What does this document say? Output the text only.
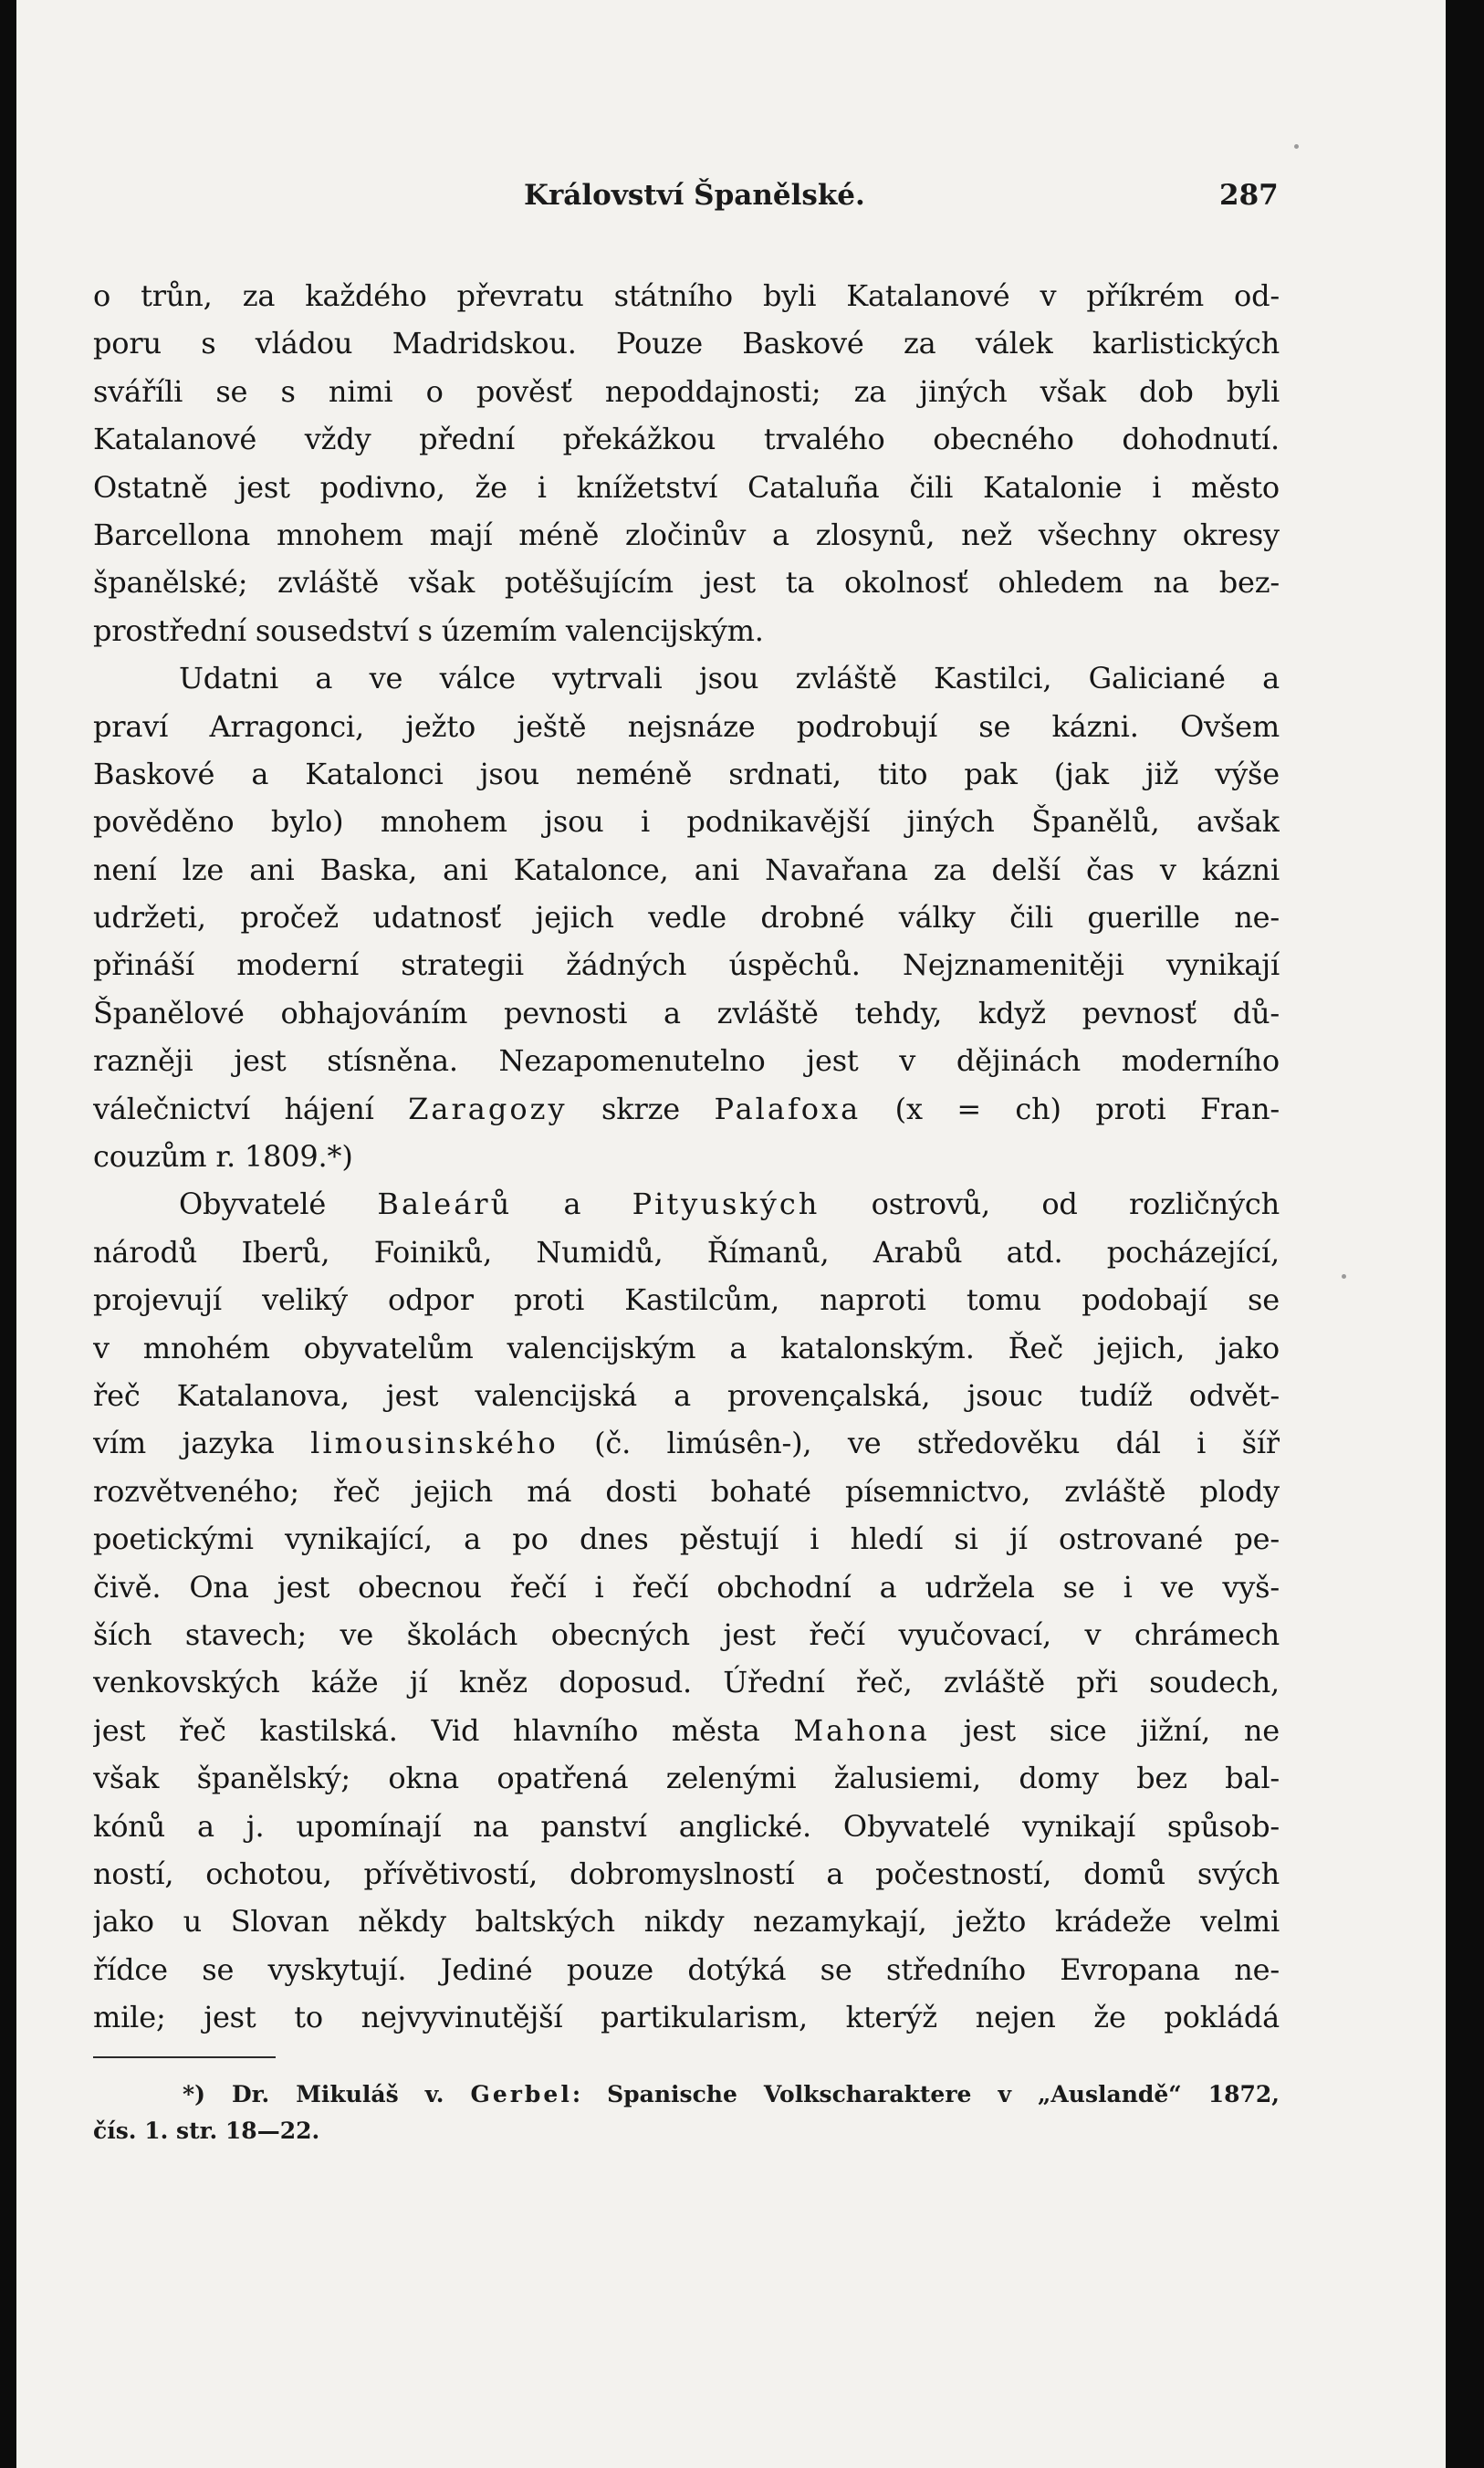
Království Španělské.	287
o trůn, za každého převratu státního byli Katalanové v příkrém od-
poru s vládou Madridskou. Pouze Baskové za válek karlistických
sváříli se s nimi o pověsť nepoddajnosti; za jiných však dob byli
Katalanové vždy přední překážkou trvalého obecného dohodnutí.
Ostatně jest podivno, že i knížetství Cataluña čili Katalonie i město
Barcellona mnohem mají méně zločinův a zlosynů, než všechny okresy
španělské; zvláště však potěšujícím jest ta okolnosť ohledem na bez-
prostřední sousedství s územím valencijským.
Udatni a ve válce vytrvali jsou zvláště Kastilci, Galiciané a
praví Arragonci, ježto ještě nejsnáze podrobují se kázni. Ovšem
Baskové a Katalonci jsou neméně srdnati, tito pak (jak již výše
pověděno bylo) mnohem jsou i podnikavější jiných Španělů, avšak
není lze ani Baska, ani Katalonce, ani Navařana za delší čas v kázni
udržeti, pročež udatnosť jejich vedle drobné války čili guerille ne-
přináší moderní strategii žádných úspěchů. Nejznamenitěji vynikají
Španělové obhajováním pevnosti a zvláště tehdy, když pevnosť dů-
razněji jest stísněna. Nezapomenutelno jest v dějinách moderního
válečnictví hájení Zaragozy skrze Palafoxa (x = ch) proti Fran-
couzům r. 1809.*)
Obyvatelé Baleárů a Pityuských ostrovů, od rozličných
národů Iberů, Foiniků, Numidů, Římanů, Arabů atd. pocházející,
projevují veliký odpor proti Kastilcům, naproti tomu podobají se
v mnohém obyvatelům valencijským a katalonským. Řeč jejich, jako
řeč Katalanova, jest valencijská a provençalská, jsouc tudíž odvět-
vím jazyka limousinského (č. limúsên-), ve středověku dál i šíř
rozvětveného; řeč jejich má dosti bohaté písemnictvo, zvláště plody
poetickými vynikající, a po dnes pěstují i hledí si jí ostrované pe-
čivě. Ona jest obecnou řečí i řečí obchodní a udržela se i ve vyš-
ších stavech; ve školách obecných jest řečí vyučovací, v chrámech
venkovských káže jí kněz doposud. Úřední řeč, zvláště při soudech,
jest řeč kastilská. Vid hlavního města Mahona jest sice jižní, ne
však španělský; okna opatřená zelenými žalusiemi, domy bez bal-
kónů a j. upomínají na panství anglické. Obyvatelé vynikají spůsob-
ností, ochotou, přívětivostí, dobromyslností a počestností, domů svých
jako u Slovan někdy baltských nikdy nezamykají, ježto krádeže velmi
řídce se vyskytují. Jediné pouze dotýká se středního Evropana ne-
mile; jest to nejvyvinutější partikularism, kterýž nejen že pokládá
*) Dr. Mikuláš v. Gerbel: Spanische Volkscharaktere v „Auslandě“ 1872,
čís. 1. str. 18—22.
